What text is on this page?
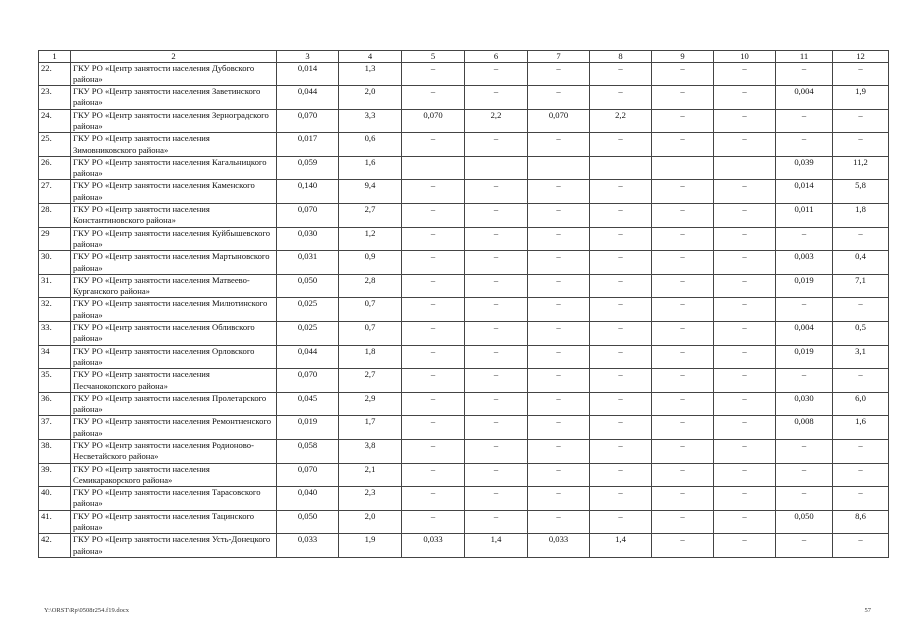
1	2	3	4	5	6	7	8	9	10	11	12
22.	ГКУ РО «Центр занятости населения Дубовского района»	0,014	1,3	–	–	–	–	–	–	–	–
23.	ГКУ РО «Центр занятости населения Заветинского района»	0,044	2,0	–	–	–	–	–	–	0,004	1,9
24.	ГКУ РО «Центр занятости населения Зерноградского района»	0,070	3,3	0,070	2,2	0,070	2,2	–	–	–	–
25.	ГКУ РО «Центр занятости населения Зимовниковского района»	0,017	0,6	–	–	–	–	–	–	–	–
26.	ГКУ РО «Центр занятости населения Кагальницкого района»	0,059	1,6							0,039	11,2
27.	ГКУ РО «Центр занятости населения Каменского района»	0,140	9,4	–	–	–	–	–	–	0,014	5,8
28.	ГКУ РО «Центр занятости населения Константиновского района»	0,070	2,7	–	–	–	–	–	–	0,011	1,8
29	ГКУ РО «Центр занятости населения Куйбышевского района»	0,030	1,2	–	–	–	–	–	–	–	–
30.	ГКУ РО «Центр занятости населения Мартыновского района»	0,031	0,9	–	–	–	–	–	–	0,003	0,4
31.	ГКУ РО «Центр занятости населения Матвеево-Курганского района»	0,050	2,8	–	–	–	–	–	–	0,019	7,1
32.	ГКУ РО «Центр занятости населения Милютинского района»	0,025	0,7	–	–	–	–	–	–	–	–
33.	ГКУ РО «Центр занятости населения Обливского района»	0,025	0,7	–	–	–	–	–	–	0,004	0,5
34	ГКУ РО «Центр занятости населения Орловского района»	0,044	1,8	–	–	–	–	–	–	0,019	3,1
35.	ГКУ РО «Центр занятости населения Песчанокопского района»	0,070	2,7	–	–	–	–	–	–	–	–
36.	ГКУ РО «Центр занятости населения Пролетарского района»	0,045	2,9	–	–	–	–	–	–	0,030	6,0
37.	ГКУ РО «Центр занятости населения Ремонтненского района»	0,019	1,7	–	–	–	–	–	–	0,008	1,6
38.	ГКУ РО «Центр занятости населения Родионово-Несветайского района»	0,058	3,8	–	–	–	–	–	–	–	–
39.	ГКУ РО «Центр занятости населения Семикаракорского района»	0,070	2,1	–	–	–	–	–	–	–	–
40.	ГКУ РО «Центр занятости населения Тарасовского района»	0,040	2,3	–	–	–	–	–	–	–	–
41.	ГКУ РО «Центр занятости населения Тацинского района»	0,050	2,0	–	–	–	–	–	–	0,050	8,6
42.	ГКУ РО «Центр занятости населения Усть-Донецкого района»	0,033	1,9	0,033	1,4	0,033	1,4	–	–	–	–
Y:\ORST\Rp\0508r254.f19.docx	57
